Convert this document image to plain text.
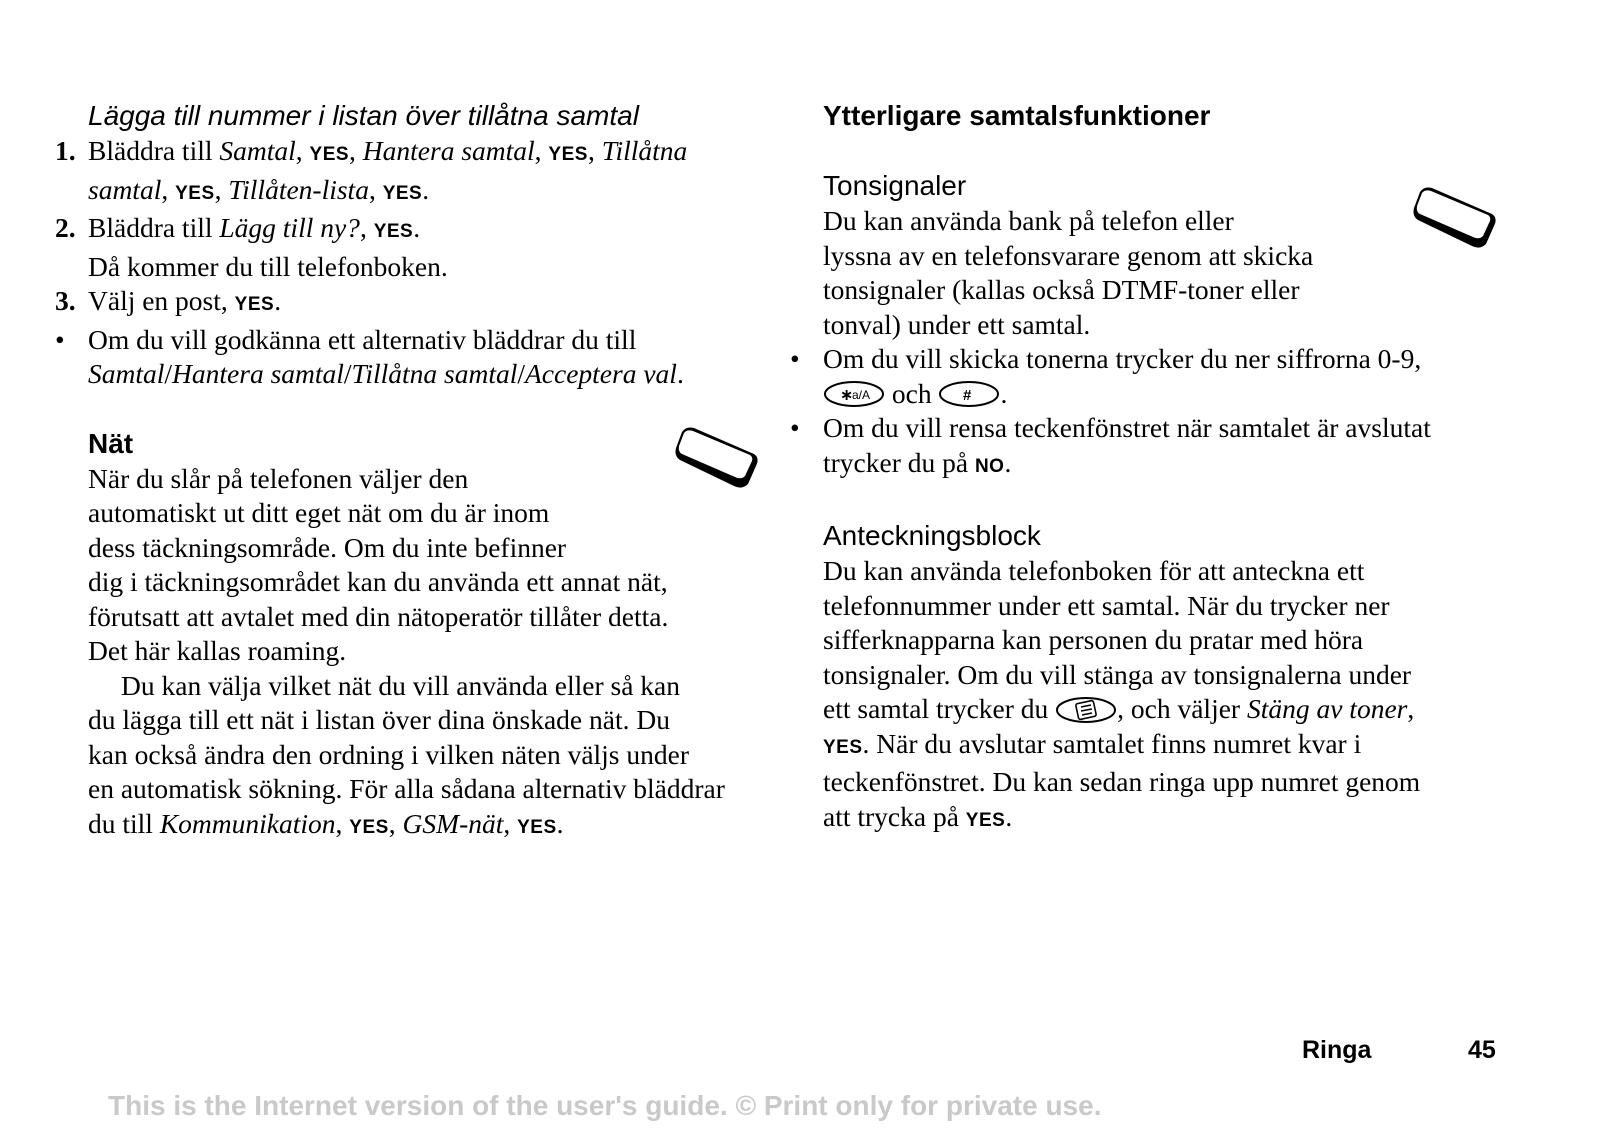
Lägga till nummer i listan över tillåtna samtal
1. Bläddra till Samtal, YES, Hantera samtal, YES, Tillåtna
samtal, YES, Tillåten-lista, YES.
2. Bläddra till Lägg till ny?, YES.
Då kommer du till telefonboken.
3. Välj en post, YES.
• Om du vill godkänna ett alternativ bläddrar du till
Samtal/Hantera samtal/Tillåtna samtal/Acceptera val.
Nät
När du slår på telefonen väljer den
automatiskt ut ditt eget nät om du är inom
dess täckningsområde. Om du inte befinner
dig i täckningsområdet kan du använda ett annat nät,
förutsatt att avtalet med din nätoperatör tillåter detta.
Det här kallas roaming.
Du kan välja vilket nät du vill använda eller så kan
du lägga till ett nät i listan över dina önskade nät. Du
kan också ändra den ordning i vilken näten väljs under
en automatisk sökning. För alla sådana alternativ bläddrar
du till Kommunikation, YES, GSM-nät, YES.
Ytterligare samtalsfunktioner
Tonsignaler
Du kan använda bank på telefon eller
lyssna av en telefonsvarare genom att skicka
tonsignaler (kallas också DTMF-toner eller
tonval) under ett samtal.
• Om du vill skicka tonerna trycker du ner siffrorna 0-9,
∗
a/A och # .
• Om du vill rensa teckenfönstret när samtalet är avslutat
trycker du på NO.
Anteckningsblock
Du kan använda telefonboken för att anteckna ett
telefonnummer under ett samtal. När du trycker ner
sifferknapparna kan personen du pratar med höra
tonsignaler. Om du vill stänga av tonsignalerna under
ett samtal trycker du , och väljer Stäng av toner,
YES. När du avslutar samtalet finns numret kvar i
teckenfönstret. Du kan sedan ringa upp numret genom
att trycka på YES.
Ringa	45
This is the Internet version of the user's guide. © Print only for private use.
